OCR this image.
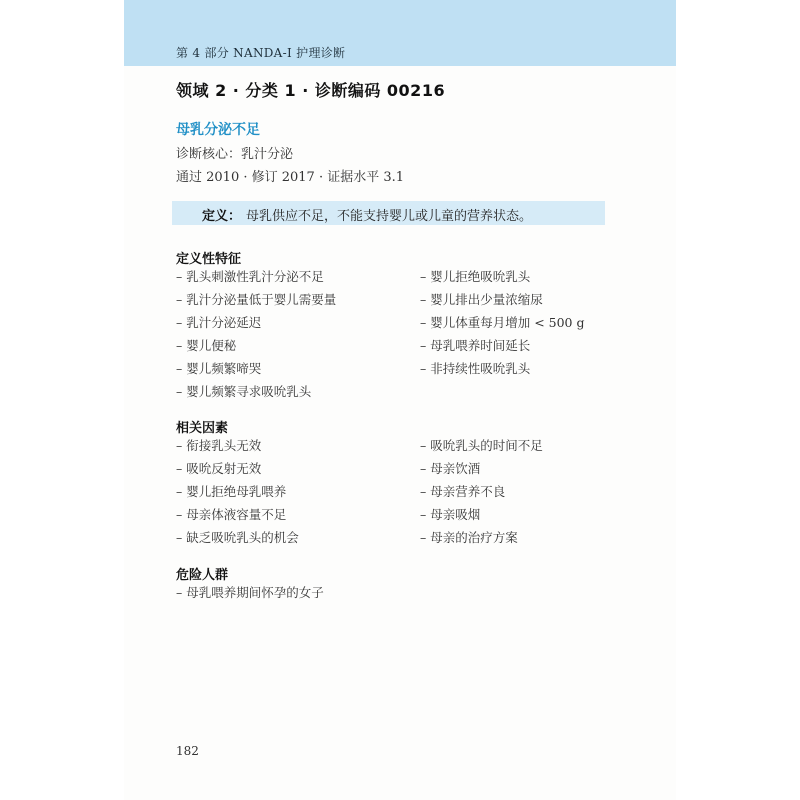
第 4 部分 NANDA-I 护理诊断
领域 2 · 分类 1 · 诊断编码 00216
母乳分泌不足
诊断核心：乳汁分泌
通过 2010 · 修订 2017 · 证据水平 3.1
定义： 母乳供应不足，不能支持婴儿或儿童的营养状态。
定义性特征
– 乳头刺激性乳汁分泌不足
– 乳汁分泌量低于婴儿需要量
– 乳汁分泌延迟
– 婴儿便秘
– 婴儿频繁啼哭
– 婴儿频繁寻求吸吮乳头
– 婴儿拒绝吸吮乳头
– 婴儿排出少量浓缩尿
– 婴儿体重每月增加 < 500 g
– 母乳喂养时间延长
– 非持续性吸吮乳头
相关因素
– 衔接乳头无效
– 吸吮反射无效
– 婴儿拒绝母乳喂养
– 母亲体液容量不足
– 缺乏吸吮乳头的机会
– 吸吮乳头的时间不足
– 母亲饮酒
– 母亲营养不良
– 母亲吸烟
– 母亲的治疗方案
危险人群
– 母乳喂养期间怀孕的女子
182
